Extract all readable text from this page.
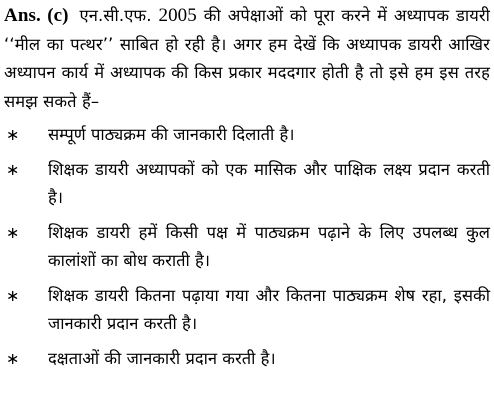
Ans. (c) एन.सी.एफ. 2005 की अपेक्षाओं को पूरा करने में अध्यापक डायरी ‘‘मील का पत्थर’’ साबित हो रही है। अगर हम देखें कि अध्यापक डायरी आखिर अध्यापन कार्य में अध्यापक की किस प्रकार मददगार होती है तो इसे हम इस तरह समझ सकते हैं–

∗	सम्पूर्ण पाठ्यक्रम की जानकारी दिलाती है।
∗	शिक्षक डायरी अध्यापकों को एक मासिक और पाक्षिक लक्ष्य प्रदान करती है।
∗	शिक्षक डायरी हमें किसी पक्ष में पाठ्यक्रम पढ़ाने के लिए उपलब्ध कुल कालांशों का बोध कराती है।
∗	शिक्षक डायरी कितना पढ़ाया गया और कितना पाठ्यक्रम शेष रहा, इसकी जानकारी प्रदान करती है।
∗	दक्षताओं की जानकारी प्रदान करती है।
